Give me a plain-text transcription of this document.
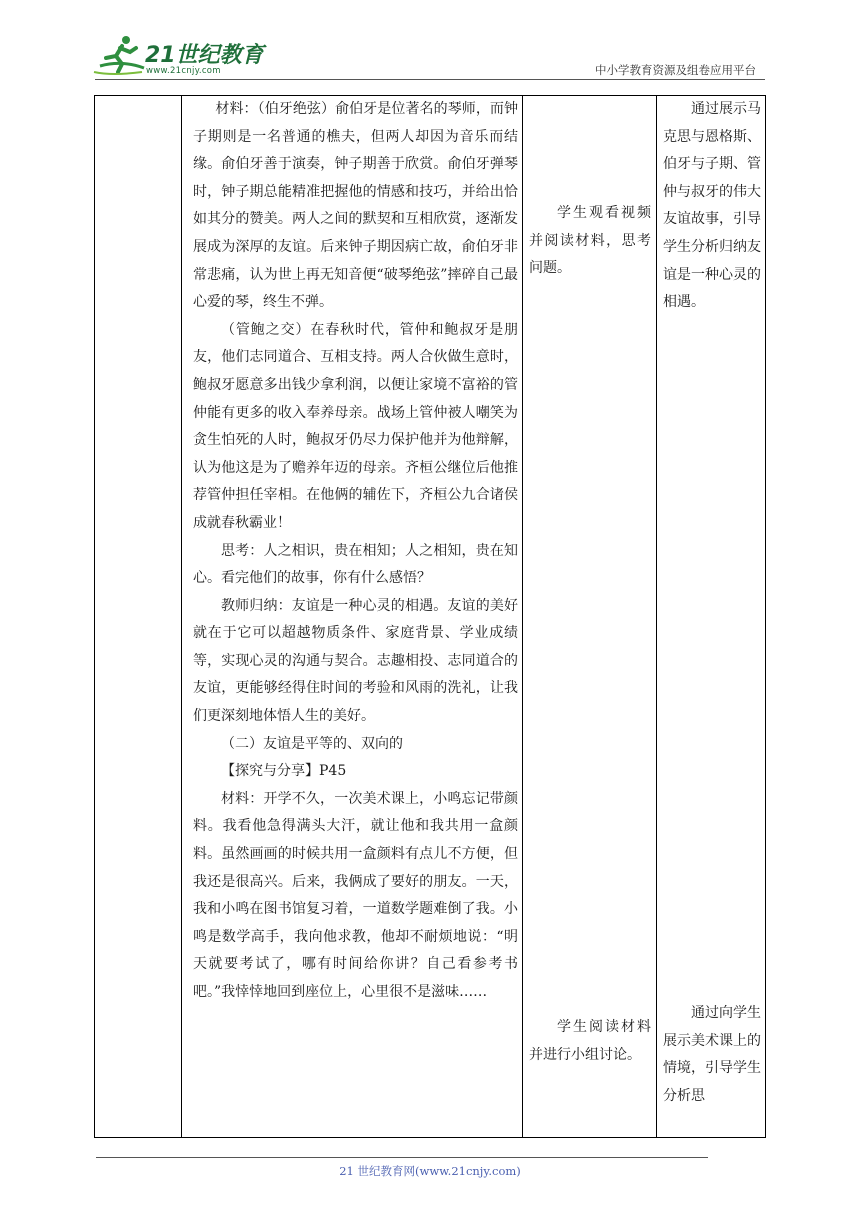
21世纪教育
www.21cnjy.com	中小学教育资源及组卷应用平台

材料：（伯牙绝弦）俞伯牙是位著名的琴师，而钟子期则是一名普通的樵夫，但两人却因为音乐而结缘。俞伯牙善于演奏，钟子期善于欣赏。俞伯牙弹琴时，钟子期总能精准把握他的情感和技巧，并给出恰如其分的赞美。两人之间的默契和互相欣赏，逐渐发展成为深厚的友谊。后来钟子期因病亡故，俞伯牙非常悲痛，认为世上再无知音便“破琴绝弦”摔碎自己最心爱的琴，终生不弹。

（管鲍之交）在春秋时代，管仲和鲍叔牙是朋友，他们志同道合、互相支持。两人合伙做生意时，鲍叔牙愿意多出钱少拿利润，以便让家境不富裕的管仲能有更多的收入奉养母亲。战场上管仲被人嘲笑为贪生怕死的人时，鲍叔牙仍尽力保护他并为他辩解，认为他这是为了赡养年迈的母亲。齐桓公继位后他推荐管仲担任宰相。在他俩的辅佐下，齐桓公九合诸侯成就春秋霸业！

思考：人之相识，贵在相知；人之相知，贵在知心。看完他们的故事，你有什么感悟？

教师归纳：友谊是一种心灵的相遇。友谊的美好就在于它可以超越物质条件、家庭背景、学业成绩等，实现心灵的沟通与契合。志趣相投、志同道合的友谊，更能够经得住时间的考验和风雨的洗礼，让我们更深刻地体悟人生的美好。

（二）友谊是平等的、双向的

【探究与分享】P45

材料：开学不久，一次美术课上，小鸣忘记带颜料。我看他急得满头大汗，就让他和我共用一盒颜料。虽然画画的时候共用一盒颜料有点儿不方便，但我还是很高兴。后来，我俩成了要好的朋友。一天，我和小鸣在图书馆复习着，一道数学题难倒了我。小鸣是数学高手，我向他求教，他却不耐烦地说：“明天就要考试了，哪有时间给你讲？自己看参考书吧。”我悻悻地回到座位上，心里很不是滋味……

学生观看视频并阅读材料，思考问题。
学生阅读材料并进行小组讨论。
通过展示马克思与恩格斯、伯牙与子期、管仲与叔牙的伟大友谊故事，引导学生分析归纳友谊是一种心灵的相遇。
通过向学生展示美术课上的情境，引导学生分析思
21 世纪教育网(www.21cnjy.com)
